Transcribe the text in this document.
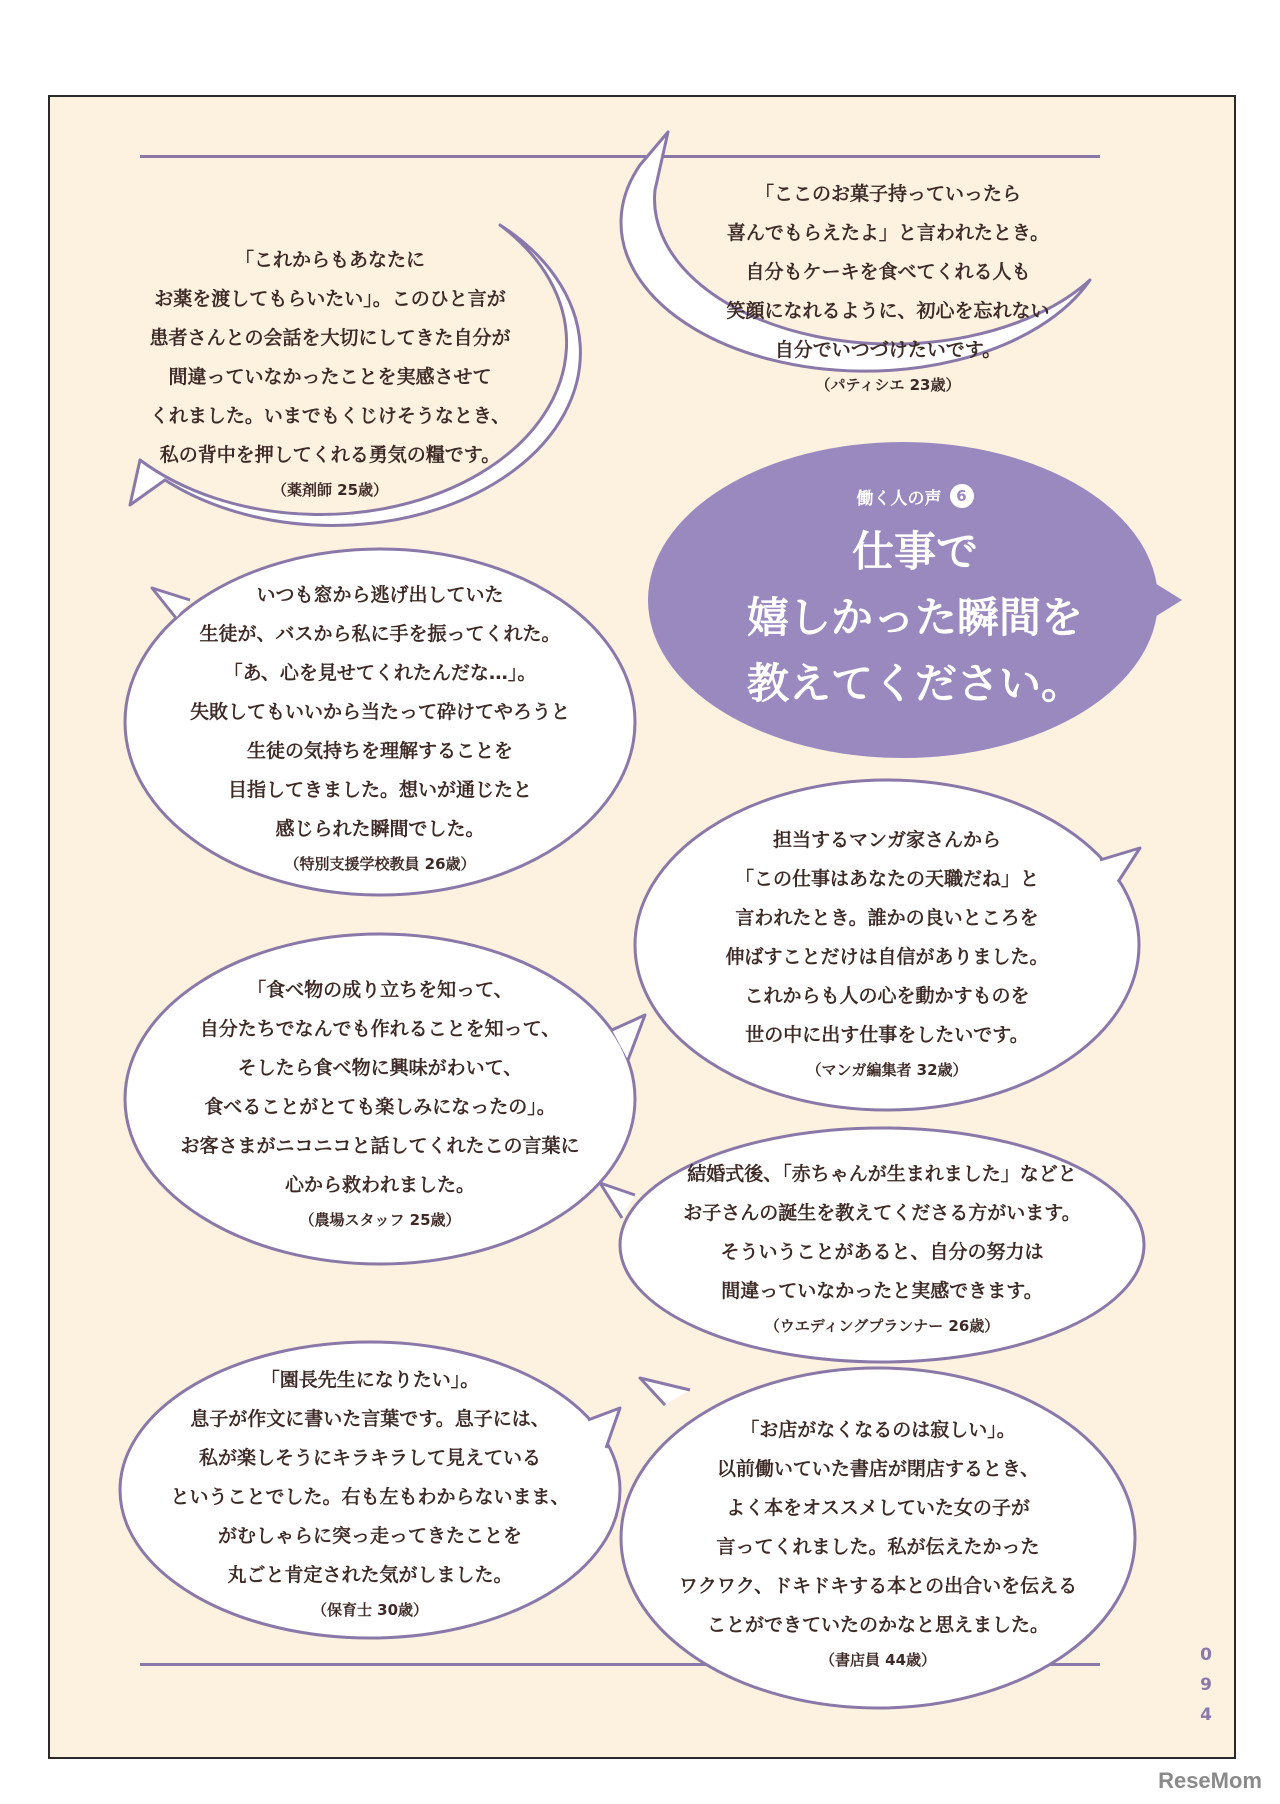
「これからもあなたに
お薬を渡してもらいたい」。このひと言が
患者さんとの会話を大切にしてきた自分が
間違っていなかったことを実感させて
くれました。いまでもくじけそうなとき、
私の背中を押してくれる勇気の糧です。
（薬剤師 25歳）
「ここのお菓子持っていったら
喜んでもらえたよ」と言われたとき。
自分もケーキを食べてくれる人も
笑顔になれるように、初心を忘れない
自分でいつづけたいです。
（パティシエ 23歳）
働く人の声 6
仕事で
嬉しかった瞬間を
教えてください。
いつも窓から逃げ出していた
生徒が、バスから私に手を振ってくれた。
「あ、心を見せてくれたんだな…」。
失敗してもいいから当たって砕けてやろうと
生徒の気持ちを理解することを
目指してきました。想いが通じたと
感じられた瞬間でした。
（特別支援学校教員 26歳）
担当するマンガ家さんから
「この仕事はあなたの天職だね」と
言われたとき。誰かの良いところを
伸ばすことだけは自信がありました。
これからも人の心を動かすものを
世の中に出す仕事をしたいです。
（マンガ編集者 32歳）
「食べ物の成り立ちを知って、
自分たちでなんでも作れることを知って、
そしたら食べ物に興味がわいて、
食べることがとても楽しみになったの」。
お客さまがニコニコと話してくれたこの言葉に
心から救われました。
（農場スタッフ 25歳）
結婚式後、「赤ちゃんが生まれました」などと
お子さんの誕生を教えてくださる方がいます。
そういうことがあると、自分の努力は
間違っていなかったと実感できます。
（ウエディングプランナー 26歳）
「園長先生になりたい」。
息子が作文に書いた言葉です。息子には、
私が楽しそうにキラキラして見えている
ということでした。右も左もわからないまま、
がむしゃらに突っ走ってきたことを
丸ごと肯定された気がしました。
（保育士 30歳）
「お店がなくなるのは寂しい」。
以前働いていた書店が閉店するとき、
よく本をオススメしていた女の子が
言ってくれました。私が伝えたかった
ワクワク、ドキドキする本との出合いを伝える
ことができていたのかなと思えました。
（書店員 44歳）	0
9
4
ReseMom
